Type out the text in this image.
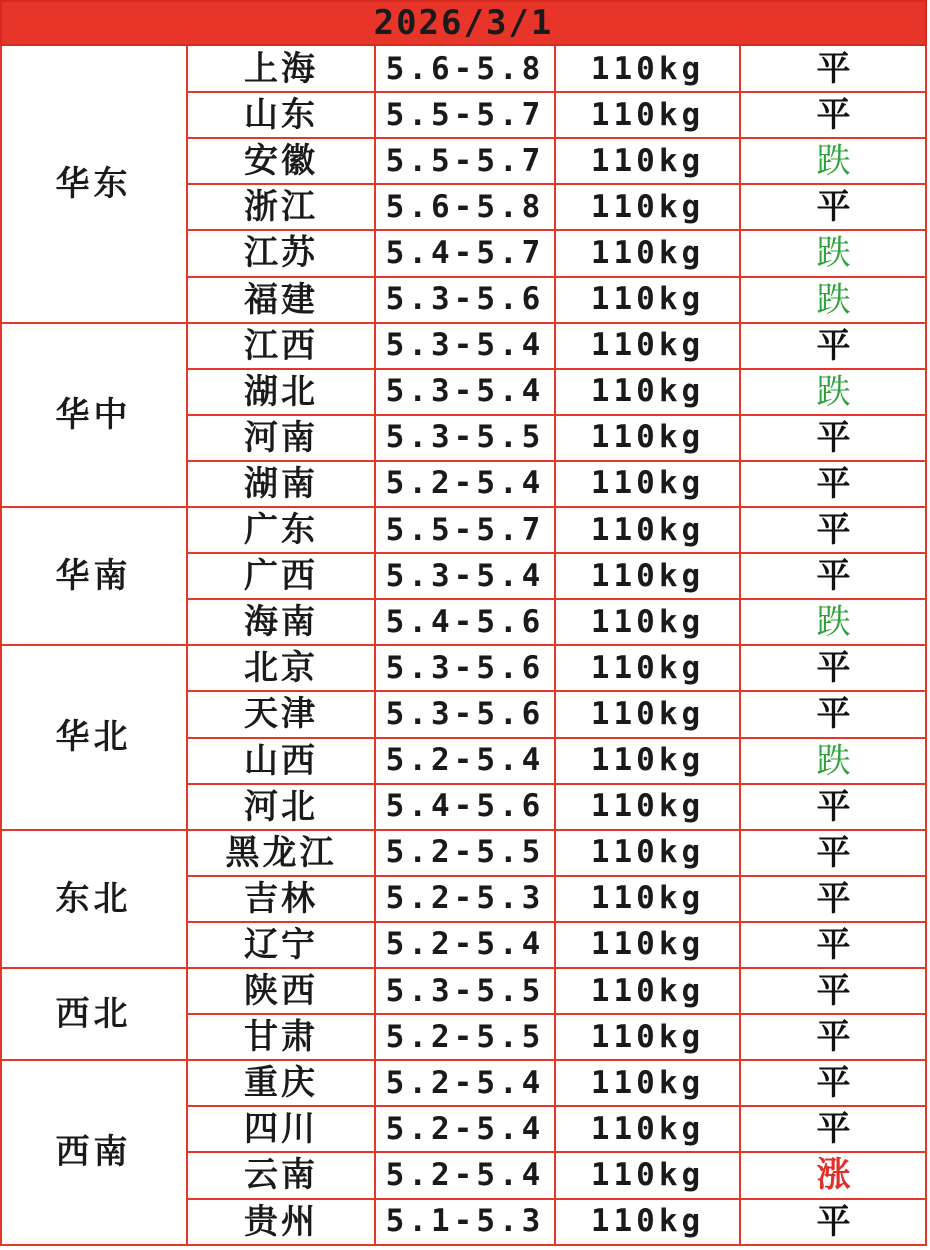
2026/3/1
华东
上海	5.6-5.8	110kg	平
山东	5.5-5.7	110kg	平
安徽	5.5-5.7	110kg	跌
浙江	5.6-5.8	110kg	平
江苏	5.4-5.7	110kg	跌
福建	5.3-5.6	110kg	跌
华中
江西	5.3-5.4	110kg	平
湖北	5.3-5.4	110kg	跌
河南	5.3-5.5	110kg	平
湖南	5.2-5.4	110kg	平
华南
广东	5.5-5.7	110kg	平
广西	5.3-5.4	110kg	平
海南	5.4-5.6	110kg	跌
华北
北京	5.3-5.6	110kg	平
天津	5.3-5.6	110kg	平
山西	5.2-5.4	110kg	跌
河北	5.4-5.6	110kg	平
东北
黑龙江	5.2-5.5	110kg	平
吉林	5.2-5.3	110kg	平
辽宁	5.2-5.4	110kg	平
西北
陕西	5.3-5.5	110kg	平
甘肃	5.2-5.5	110kg	平
西南
重庆	5.2-5.4	110kg	平
四川	5.2-5.4	110kg	平
云南	5.2-5.4	110kg	涨
贵州	5.1-5.3	110kg	平
